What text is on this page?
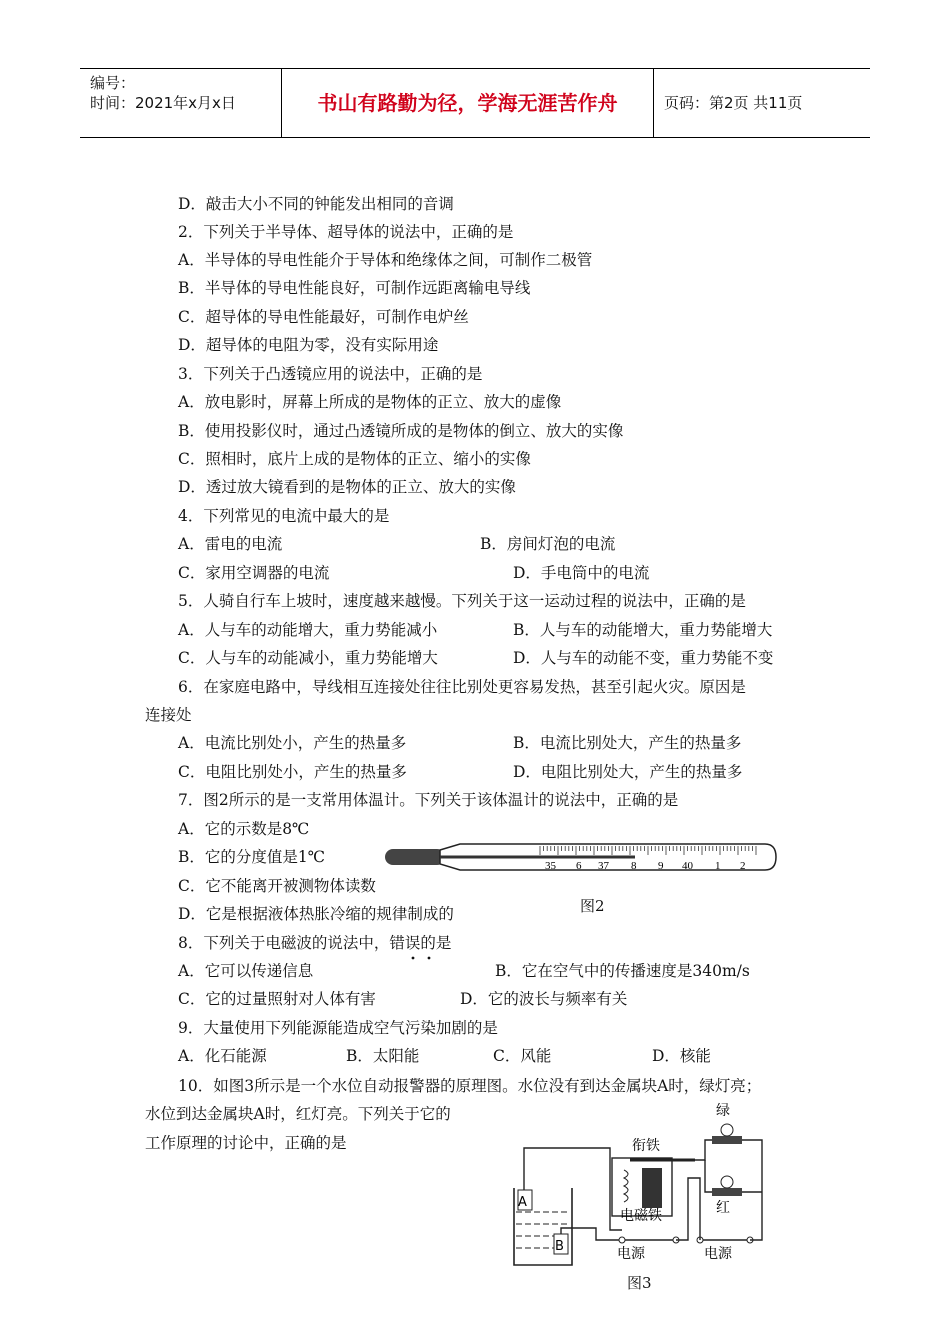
编号：
时间：2021年x月x日	书山有路勤为径，学海无涯苦作舟	页码：第2页 共11页
D．敲击大小不同的钟能发出相同的音调
2．下列关于半导体、超导体的说法中，正确的是
A．半导体的导电性能介于导体和绝缘体之间，可制作二极管
B．半导体的导电性能良好，可制作远距离输电导线
C．超导体的导电性能最好，可制作电炉丝
D．超导体的电阻为零，没有实际用途
3．下列关于凸透镜应用的说法中，正确的是
A．放电影时，屏幕上所成的是物体的正立、放大的虚像
B．使用投影仪时，通过凸透镜所成的是物体的倒立、放大的实像
C．照相时，底片上成的是物体的正立、缩小的实像
D．透过放大镜看到的是物体的正立、放大的实像
4．下列常见的电流中最大的是
A．雷电的电流	B．房间灯泡的电流
C．家用空调器的电流	D．手电筒中的电流
5．人骑自行车上坡时，速度越来越慢。下列关于这一运动过程的说法中，正确的是
A．人与车的动能增大，重力势能减小	B．人与车的动能增大，重力势能增大
C．人与车的动能减小，重力势能增大	D．人与车的动能不变，重力势能不变
6．在家庭电路中，导线相互连接处往往比别处更容易发热，甚至引起火灾。原因是
连接处
A．电流比别处小，产生的热量多	B．电流比别处大，产生的热量多
C．电阻比别处小，产生的热量多	D．电阻比别处大，产生的热量多
7．图2所示的是一支常用体温计。下列关于该体温计的说法中，正确的是
A．它的示数是8℃
B．它的分度值是1℃
C．它不能离开被测物体读数
D．它是根据液体热胀冷缩的规律制成的
8．下列关于电磁波的说法中，错误的是
A．它可以传递信息	B．它在空气中的传播速度是340m/s
C．它的过量照射对人体有害	D．它的波长与频率有关
9．大量使用下列能源能造成空气污染加剧的是
A．化石能源	B．太阳能	C．风能	D．核能
10．如图3所示是一个水位自动报警器的原理图。水位没有到达金属块A时，绿灯亮；
水位到达金属块A时，红灯亮。下列关于它的
工作原理的讨论中，正确的是
35 6 37 8 9 40 1 2
图2
A
B
衔铁
电磁铁
电源	电源
绿
红
图3
